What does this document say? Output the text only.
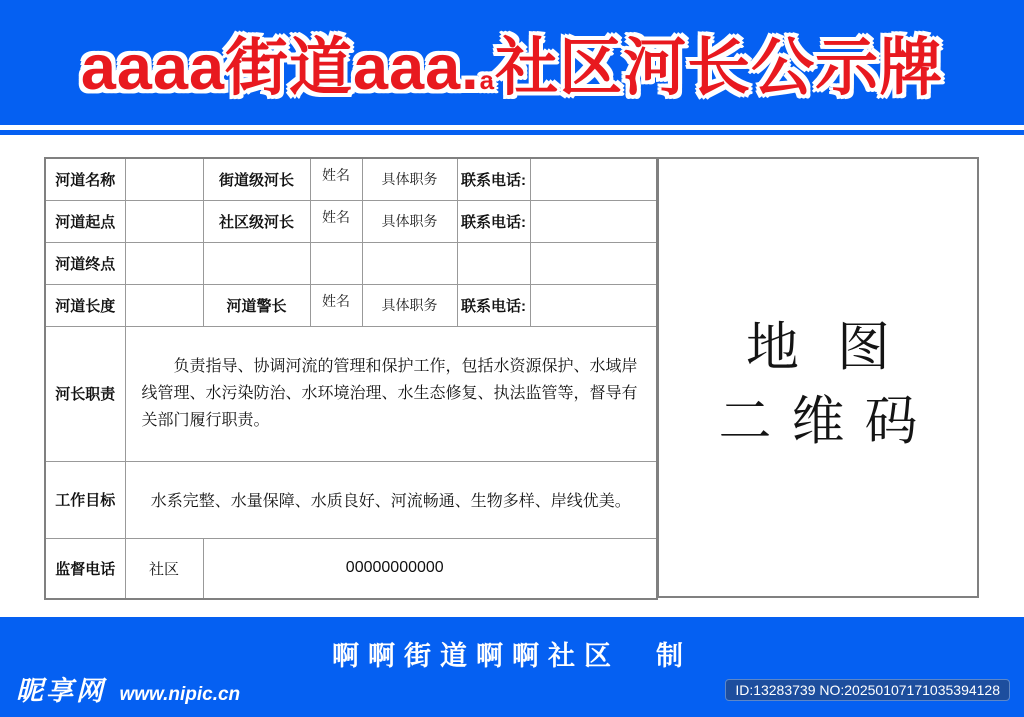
aaaa街道aaa.a社区河长公示牌
河道名称		街道级河长	姓名	具体职务	联系电话:	
河道起点		社区级河长	姓名	具体职务	联系电话:	
河道终点						
河道长度		河道警长	姓名	具体职务	联系电话:	
河长职责	负责指导、协调河流的管理和保护工作，包括水资源保护、水域岸线管理、水污染防治、水环境治理、水生态修复、执法监管等，督导有关部门履行职责。					
工作目标	水系完整、水量保障、水质良好、河流畅通、生物多样、岸线优美。					
监督电话	社区	00000000000				
地图
二维码
啊啊街道啊啊社区　制
昵享网 www.nipic.cn	ID:13283739 NO:20250107171035394128
